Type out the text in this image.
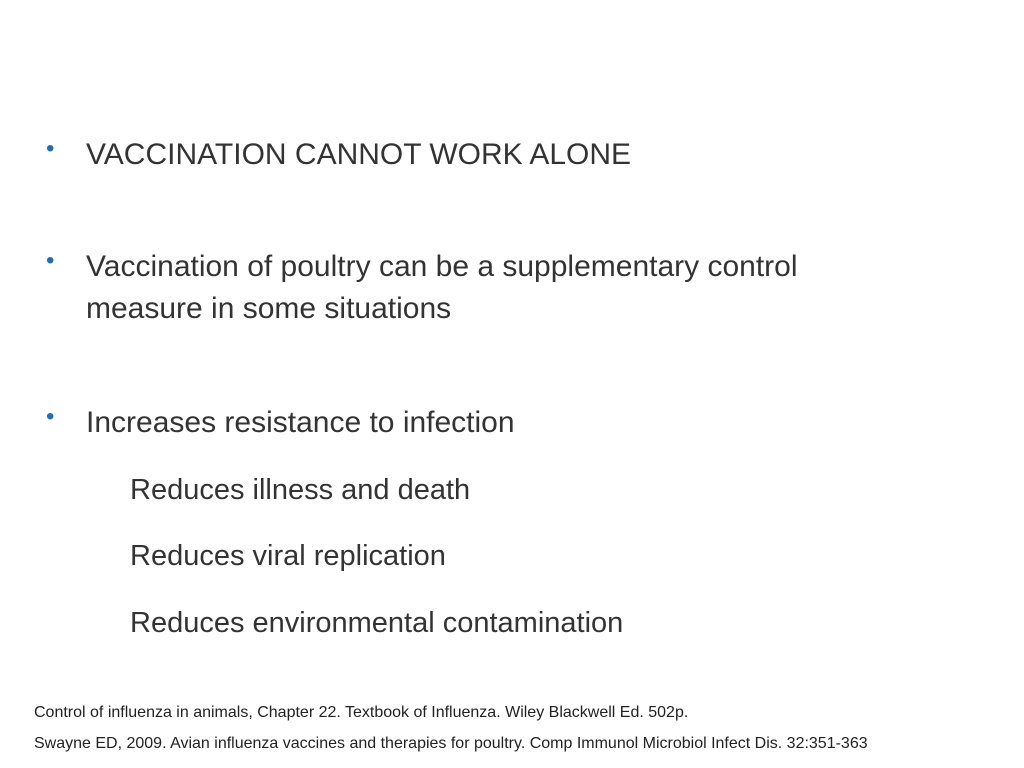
• VACCINATION CANNOT WORK ALONE
• Vaccination of poultry can be a supplementary control measure in some situations
• Increases resistance to infection
Reduces illness and death
Reduces viral replication
Reduces environmental contamination
Control of influenza in animals, Chapter 22. Textbook of Influenza. Wiley Blackwell Ed. 502p.
Swayne ED, 2009. Avian influenza vaccines and therapies for poultry. Comp Immunol Microbiol Infect Dis. 32:351-363
